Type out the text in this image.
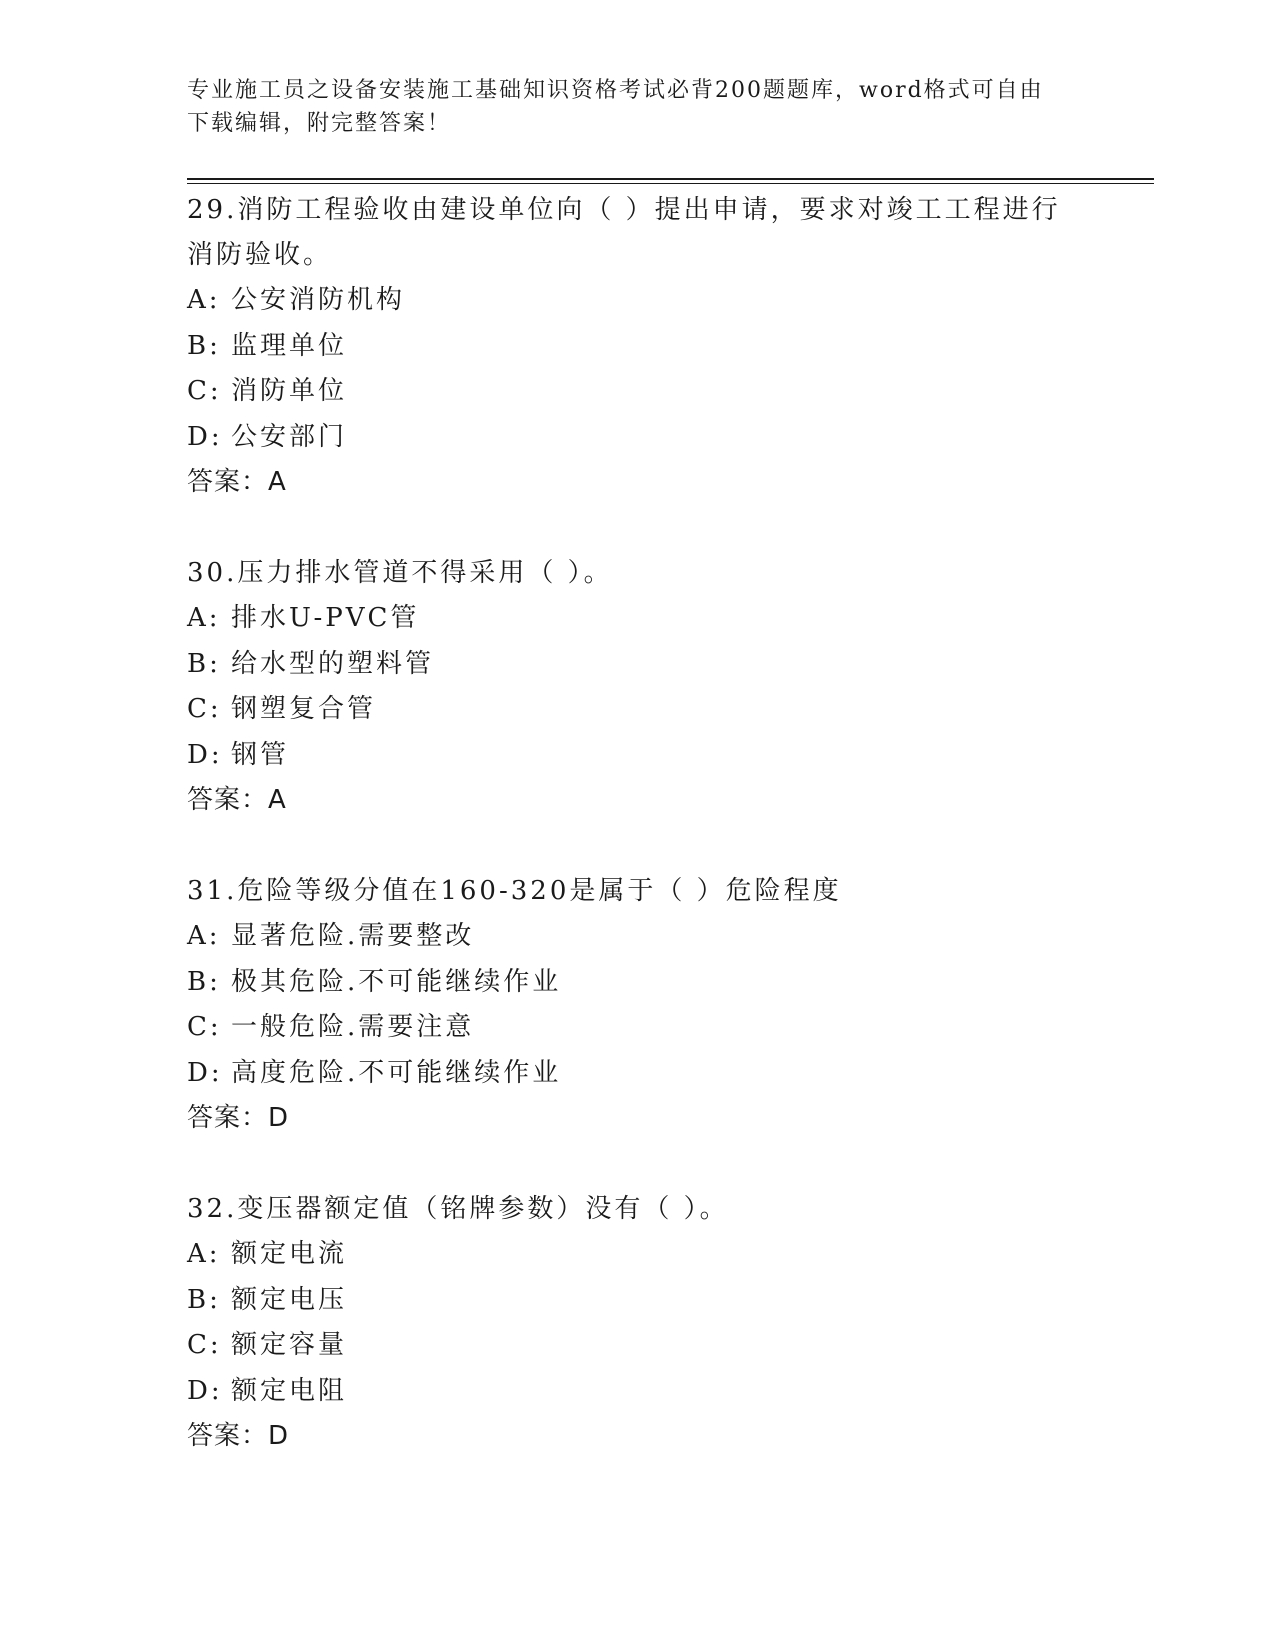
专业施工员之设备安装施工基础知识资格考试必背200题题库，word格式可自由
下载编辑，附完整答案！

29.消防工程验收由建设单位向（ ）提出申请，要求对竣工工程进行

消防验收。

A: 公安消防机构

B: 监理单位

C: 消防单位

D: 公安部门

答案：A

30.压力排水管道不得采用（ ）。

A: 排水U-PVC管

B: 给水型的塑料管

C: 钢塑复合管

D: 钢管

答案：A

31.危险等级分值在160-320是属于（ ）危险程度

A: 显著危险.需要整改

B: 极其危险.不可能继续作业

C: 一般危险.需要注意

D: 高度危险.不可能继续作业

答案：D

32.变压器额定值（铭牌参数）没有（ ）。

A: 额定电流

B: 额定电压

C: 额定容量

D: 额定电阻

答案：D
